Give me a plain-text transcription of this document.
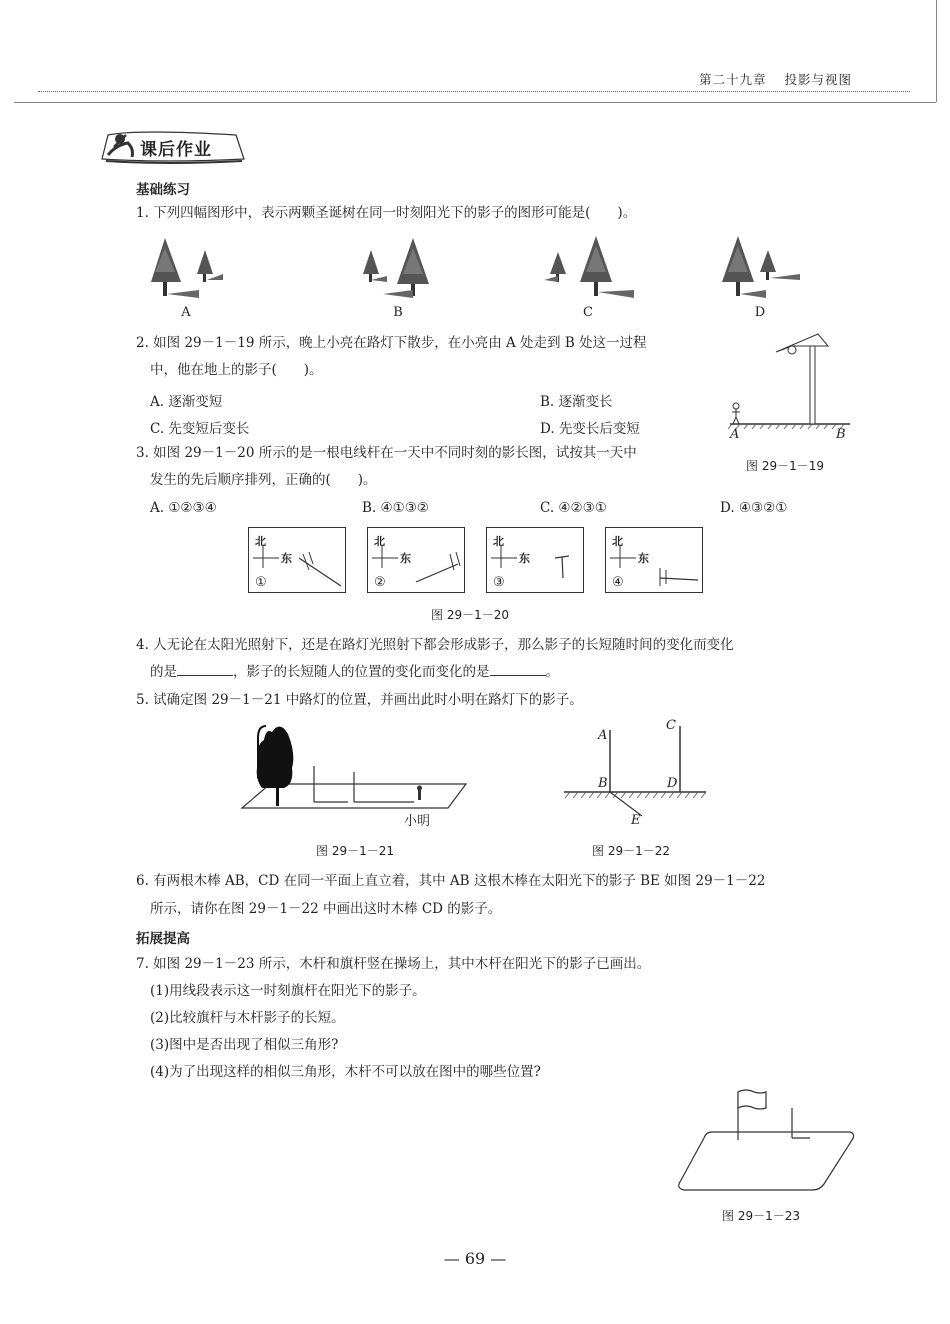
第二十九章 投影与视图
课后作业
基础练习
1. 下列四幅图形中，表示两颗圣诞树在同一时刻阳光下的影子的图形可能是(　　)。
A	B	C	D
2. 如图 29－1－19 所示，晚上小亮在路灯下散步，在小亮由 A 处走到 B 处这一过程
中，他在地上的影子(　　)。
A. 逐渐变短	B. 逐渐变长
C. 先变短后变长	D. 先变长后变短	A	B
图 29－1－19
3. 如图 29－1－20 所示的是一根电线杆在一天中不同时刻的影长图，试按其一天中
发生的先后顺序排列，正确的(　　)。
A. ①②③④	B. ④①③②	C. ④②③①	D. ④③②①
北
东
①
北
东
②
北
东
③
北
东
④
图 29－1－20
4. 人无论在太阳光照射下，还是在路灯光照射下都会形成影子，那么影子的长短随时间的变化而变化
的是	，影子的长短随人的位置的变化而变化的是	。
5. 试确定图 29－1－21 中路灯的位置，并画出此时小明在路灯下的影子。
小明
图 29－1－21
A
C
B	D
E
图 29－1－22
6. 有两根木棒 AB，CD 在同一平面上直立着，其中 AB 这根木棒在太阳光下的影子 BE 如图 29－1－22
所示，请你在图 29－1－22 中画出这时木棒 CD 的影子。
拓展提高
7. 如图 29－1－23 所示，木杆和旗杆竖在操场上，其中木杆在阳光下的影子已画出。
(1)用线段表示这一时刻旗杆在阳光下的影子。
(2)比较旗杆与木杆影子的长短。
(3)图中是否出现了相似三角形?
(4)为了出现这样的相似三角形，木杆不可以放在图中的哪些位置?
图 29－1－23
— 69 —
